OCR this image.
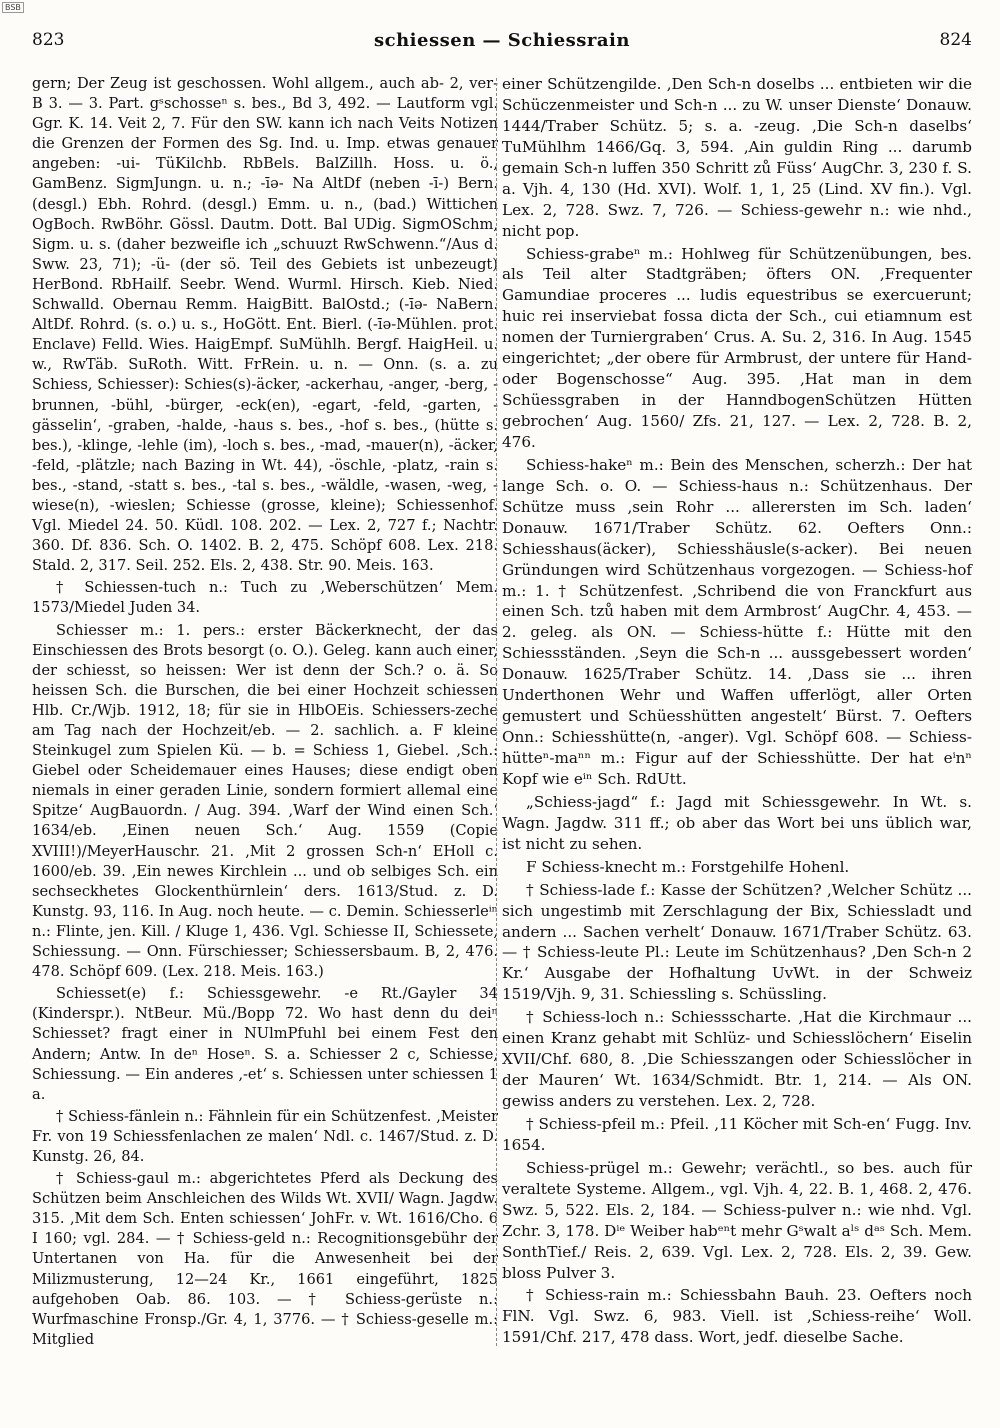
BSB
823	schiessen — Schiessrain	824

gern; Der Zeug ist geschossen. Wohl allgem., auch ab- 2, ver- B 3. — 3. Part. gˢschosseⁿ s. bes., Bd 3, 492. — Lautform vgl. Ggr. K. 14. Veit 2, 7. Für den SW. kann ich nach Veits Notizen die Grenzen der Formen des Sg. Ind. u. Imp. etwas genauer angeben: -ui- TüKilchb. RbBels. BalZillh. Hoss. u. ö., GamBenz. SigmJungn. u. n.; -īə- Na AltDf (neben -ī-) Bern. (desgl.) Ebh. Rohrd. (desgl.) Emm. u. n., (bad.) Wittichen OgBoch. RwBöhr. Gössl. Dautm. Dott. Bal UDig. SigmOSchm, Sigm. u. s. (daher bezweifle ich „schuuzt RwSchwenn.“/Aus d. Sww. 23, 71); -ü- (der sö. Teil des Gebiets ist unbezeugt) HerBond. RbHailf. Seebr. Wend. Wurml. Hirsch. Kieb. Nied. Schwalld. Obernau Remm. HaigBitt. BalOstd.; (-īə- NaBern. AltDf. Rohrd. (s. o.) u. s., HoGött. Ent. Bierl. (-īə-Mühlen. prot. Enclave) Felld. Wies. HaigEmpf. SuMühlh. Bergf. HaigHeil. u. w., RwTäb. SuRoth. Witt. FrRein. u. n. — Onn. (s. a. zu Schiess, Schiesser): Schies(s)-äcker, -ackerhau, -anger, -berg, -brunnen, -bühl, -bürger, -eck(en), -egart, -feld, -garten, -gässelin‘, -graben, -halde, -haus s. bes., -hof s. bes., (hütte s. bes.), -klinge, -lehle (im), -loch s. bes., -mad, -mauer(n), -äcker, -feld, -plätzle; nach Bazing in Wt. 44), -öschle, -platz, -rain s. bes., -stand, -statt s. bes., -tal s. bes., -wäldle, -wasen, -weg, -wiese(n), -wieslen; Schiesse (grosse, kleine); Schiessenhof. Vgl. Miedel 24. 50. Küdl. 108. 202. — Lex. 2, 727 f.; Nachtr. 360. Df. 836. Sch. O. 1402. B. 2, 475. Schöpf 608. Lex. 218. Stald. 2, 317. Seil. 252. Els. 2, 438. Str. 90. Meis. 163.

† Schiessen-tuch n.: Tuch zu ‚Weberschützen‘ Mem. 1573/Miedel Juden 34.

Schiesser m.: 1. pers.: erster Bäckerknecht, der das Einschiessen des Brots besorgt (o. O.). Geleg. kann auch einer, der schiesst, so heissen: Wer ist denn der Sch.? o. ä. So heissen Sch. die Burschen, die bei einer Hochzeit schiessen Hlb. Cr./Wjb. 1912, 18; für sie in HlbOEis. Schiessers-zeche am Tag nach der Hochzeit/eb. — 2. sachlich. a. F kleine Steinkugel zum Spielen Kü. — b. = Schiess 1, Giebel. ‚Sch.: Giebel oder Scheidemauer eines Hauses; diese endigt oben niemals in einer geraden Linie, sondern formiert allemal eine Spitze‘ AugBauordn. / Aug. 394. ‚Warf der Wind einen Sch.‘ 1634/eb. ‚Einen neuen Sch.‘ Aug. 1559 (Copie XVIII!)/MeyerHauschr. 21. ‚Mit 2 grossen Sch-n‘ EHoll c. 1600/eb. 39. ‚Ein newes Kirchlein ... und ob selbiges Sch. ein sechseckhetes Glockenthürnlein‘ ders. 1613/Stud. z. D. Kunstg. 93, 116. In Aug. noch heute. — c. Demin. Schiesserleⁱⁿ n.: Flinte, jen. Kill. / Kluge 1, 436. Vgl. Schiesse II, Schiessete, Schiessung. — Onn. Fürschiesser; Schiessersbaum. B, 2, 476. 478. Schöpf 609. (Lex. 218. Meis. 163.)

Schiesset(e) f.: Schiessgewehr. -e Rt./Gayler 34 (Kinderspr.). NtBeur. Mü./Bopp 72. Wo hast denn du deiⁿ Schiesset? fragt einer in NUlmPfuhl bei einem Fest den Andern; Antw. In deⁿ Hoseⁿ. S. a. Schiesser 2 c, Schiesse, Schiessung. — Ein anderes ‚-et‘ s. Schiessen unter schiessen 1 a.

† Schiess-fänlein n.: Fähnlein für ein Schützenfest. ‚Meister Fr. von 19 Schiessfenlachen ze malen‘ Ndl. c. 1467/Stud. z. D. Kunstg. 26, 84.

† Schiess-gaul m.: abgerichtetes Pferd als Deckung des Schützen beim Anschleichen des Wilds Wt. XVII/ Wagn. Jagdw. 315. ‚Mit dem Sch. Enten schiessen‘ JohFr. v. Wt. 1616/Cho. 6 I 160; vgl. 284. — † Schiess-geld n.: Recognitionsgebühr der Untertanen von Ha. für die Anwesenheit bei der Milizmusterung, 12—24 Kr., 1661 eingeführt, 1825 aufgehoben Oab. 86. 103. — † Schiess-gerüste n.: Wurfmaschine Fronsp./Gr. 4, 1, 3776. — † Schiess-geselle m.: Mitglied

einer Schützengilde. ‚Den Sch-n doselbs ... entbieten wir die Schüczenmeister und Sch-n ... zu W. unser Dienste‘ Donauw. 1444/Traber Schütz. 5; s. a. -zeug. ‚Die Sch-n daselbs‘ TuMühlhm 1466/Gq. 3, 594. ‚Ain guldin Ring ... darumb gemain Sch-n luffen 350 Schritt zů Füss‘ AugChr. 3, 230 f. S. a. Vjh. 4, 130 (Hd. XVI). Wolf. 1, 1, 25 (Lind. XV fin.). Vgl. Lex. 2, 728. Swz. 7, 726. — Schiess-gewehr n.: wie nhd., nicht pop.

Schiess-grabeⁿ m.: Hohlweg für Schützenübungen, bes. als Teil alter Stadtgräben; öfters ON. ‚Frequenter Gamundiae proceres ... ludis equestribus se exercuerunt; huic rei inserviebat fossa dicta der Sch., cui etiamnum est nomen der Turniergraben‘ Crus. A. Su. 2, 316. In Aug. 1545 eingerichtet; „der obere für Armbrust, der untere für Hand- oder Bogenschosse“ Aug. 395. ‚Hat man in dem Schüessgraben in der HanndbogenSchützen Hütten gebrochen‘ Aug. 1560/ Zfs. 21, 127. — Lex. 2, 728. B. 2, 476.

Schiess-hakeⁿ m.: Bein des Menschen, scherzh.: Der hat lange Sch. o. O. — Schiess-haus n.: Schützenhaus. Der Schütze muss ‚sein Rohr ... allerersten im Sch. laden‘ Donauw. 1671/Traber Schütz. 62. Oefters Onn.: Schiesshaus(äcker), Schiesshäusle(s-acker). Bei neuen Gründungen wird Schützenhaus vorgezogen. — Schiess-hof m.: 1. † Schützenfest. ‚Schribend die von Franckfurt aus einen Sch. tzů haben mit dem Armbrost‘ AugChr. 4, 453. — 2. geleg. als ON. — Schiess-hütte f.: Hütte mit den Schiessständen. ‚Seyn die Sch-n ... aussgebessert worden‘ Donauw. 1625/Traber Schütz. 14. ‚Dass sie ... ihren Underthonen Wehr und Waffen ufferlögt, aller Orten gemustert und Schüesshütten angestelt‘ Bürst. 7. Oefters Onn.: Schiesshütte(n, -anger). Vgl. Schöpf 608. — Schiess-hütteⁿ-maⁿⁿ m.: Figur auf der Schiesshütte. Der hat eⁱnⁿ Kopf wie eⁱⁿ Sch. RdUtt.

„Schiess-jagd“ f.: Jagd mit Schiessgewehr. In Wt. s. Wagn. Jagdw. 311 ff.; ob aber das Wort bei uns üblich war, ist nicht zu sehen.

F Schiess-knecht m.: Forstgehilfe Hohenl.

† Schiess-lade f.: Kasse der Schützen? ‚Welcher Schütz ... sich ungestimb mit Zerschlagung der Bix, Schiessladt und andern ... Sachen verhelt‘ Donauw. 1671/Traber Schütz. 63. — † Schiess-leute Pl.: Leute im Schützenhaus? ‚Den Sch-n 2 Kr.‘ Ausgabe der Hofhaltung UvWt. in der Schweiz 1519/Vjh. 9, 31. Schiessling s. Schüssling.

† Schiess-loch n.: Schiessscharte. ‚Hat die Kirchmaur ... einen Kranz gehabt mit Schlüz- und Schiesslöchern‘ Eiselin XVII/Chf. 680, 8. ‚Die Schiesszangen oder Schiesslöcher in der Mauren‘ Wt. 1634/Schmidt. Btr. 1, 214. — Als ON. gewiss anders zu verstehen. Lex. 2, 728.

† Schiess-pfeil m.: Pfeil. ‚11 Köcher mit Sch-en‘ Fugg. Inv. 1654.

Schiess-prügel m.: Gewehr; verächtl., so bes. auch für veraltete Systeme. Allgem., vgl. Vjh. 4, 22. B. 1, 468. 2, 476. Swz. 5, 522. Els. 2, 184. — Schiess-pulver n.: wie nhd. Vgl. Zchr. 3, 178. Dⁱᵉ Weiber habᵉⁿt mehr Gˢwalt aˡˢ dᵃˢ Sch. Mem. SonthTief./ Reis. 2, 639. Vgl. Lex. 2, 728. Els. 2, 39. Gew. bloss Pulver 3.

† Schiess-rain m.: Schiessbahn Bauh. 23. Oefters noch FlN. Vgl. Swz. 6, 983. Viell. ist ‚Schiess-reihe‘ Woll. 1591/Chf. 217, 478 dass. Wort, jedf. dieselbe Sache.
